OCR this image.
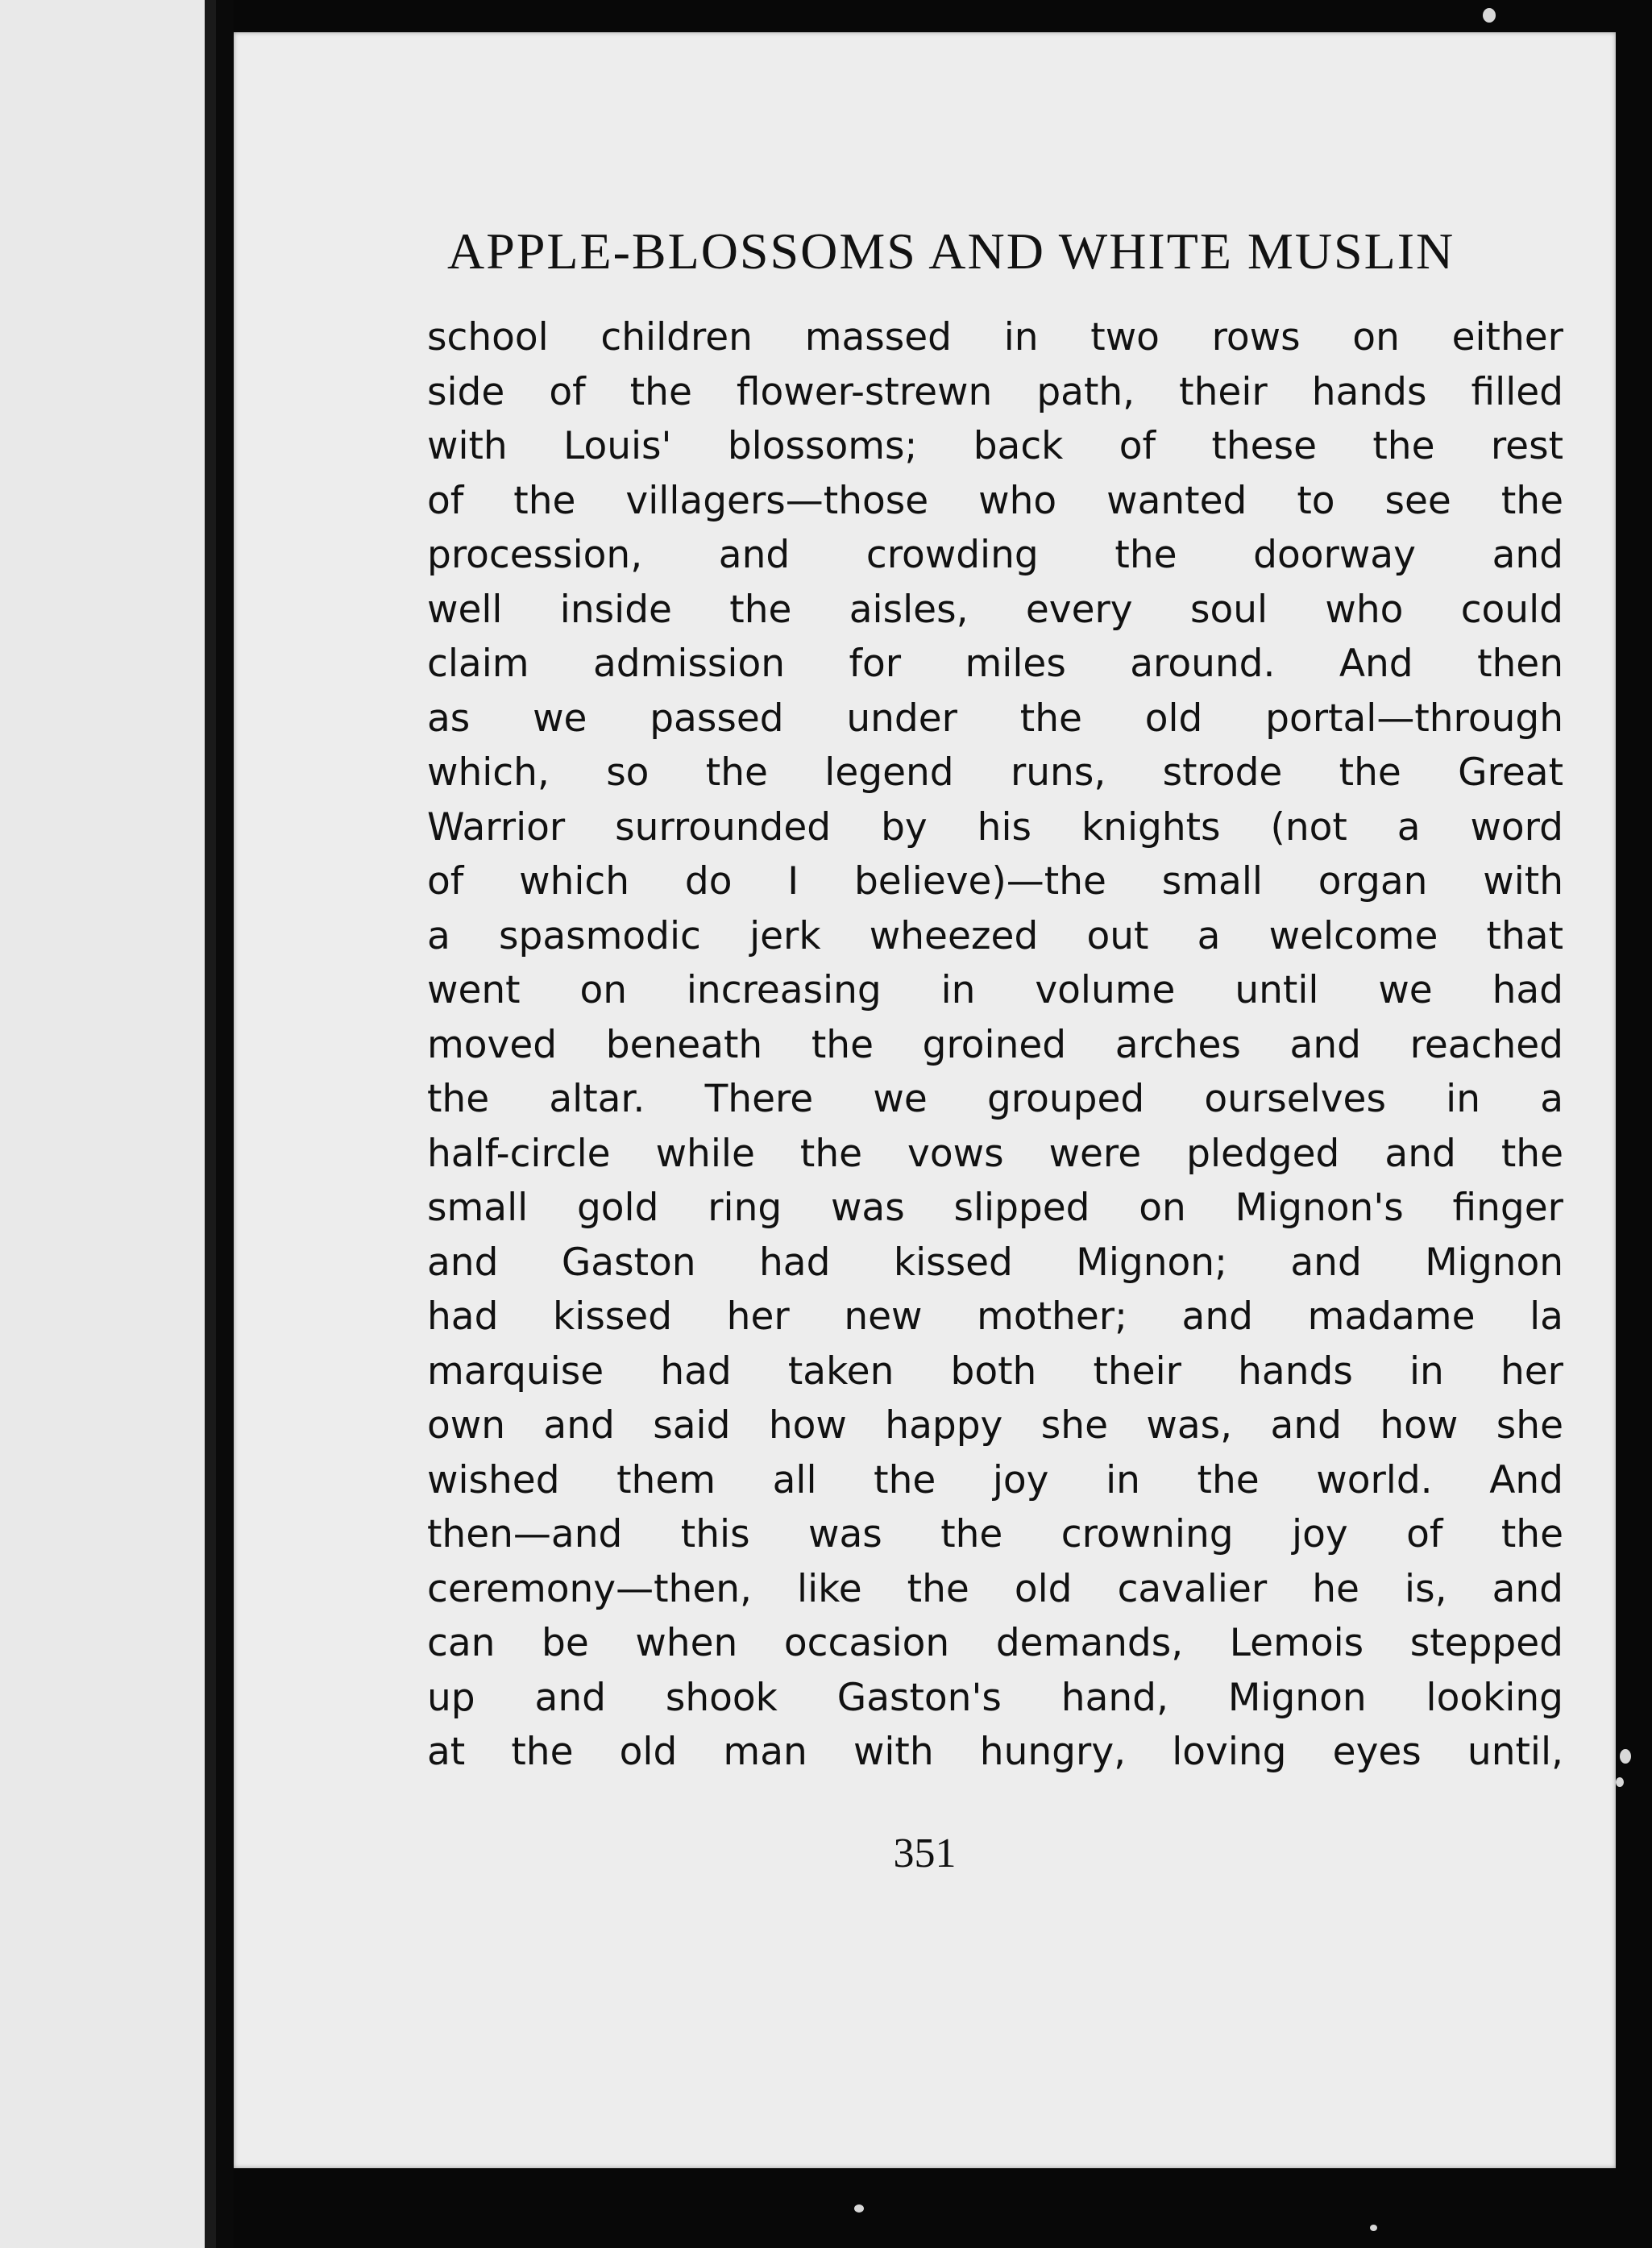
APPLE-BLOSSOMS AND WHITE MUSLIN
school children massed in two rows on either
side of the flower-strewn path, their hands filled
with Louis' blossoms; back of these the rest
of the villagers—those who wanted to see the
procession, and crowding the doorway and
well inside the aisles, every soul who could
claim admission for miles around. And then
as we passed under the old portal—through
which, so the legend runs, strode the Great
Warrior surrounded by his knights (not a word
of which do I believe)—the small organ with
a spasmodic jerk wheezed out a welcome that
went on increasing in volume until we had
moved beneath the groined arches and reached
the altar. There we grouped ourselves in a
half-circle while the vows were pledged and the
small gold ring was slipped on Mignon's finger
and Gaston had kissed Mignon; and Mignon
had kissed her new mother; and madame la
marquise had taken both their hands in her
own and said how happy she was, and how she
wished them all the joy in the world. And
then—and this was the crowning joy of the
ceremony—then, like the old cavalier he is, and
can be when occasion demands, Lemois stepped
up and shook Gaston's hand, Mignon looking
at the old man with hungry, loving eyes until,
351
